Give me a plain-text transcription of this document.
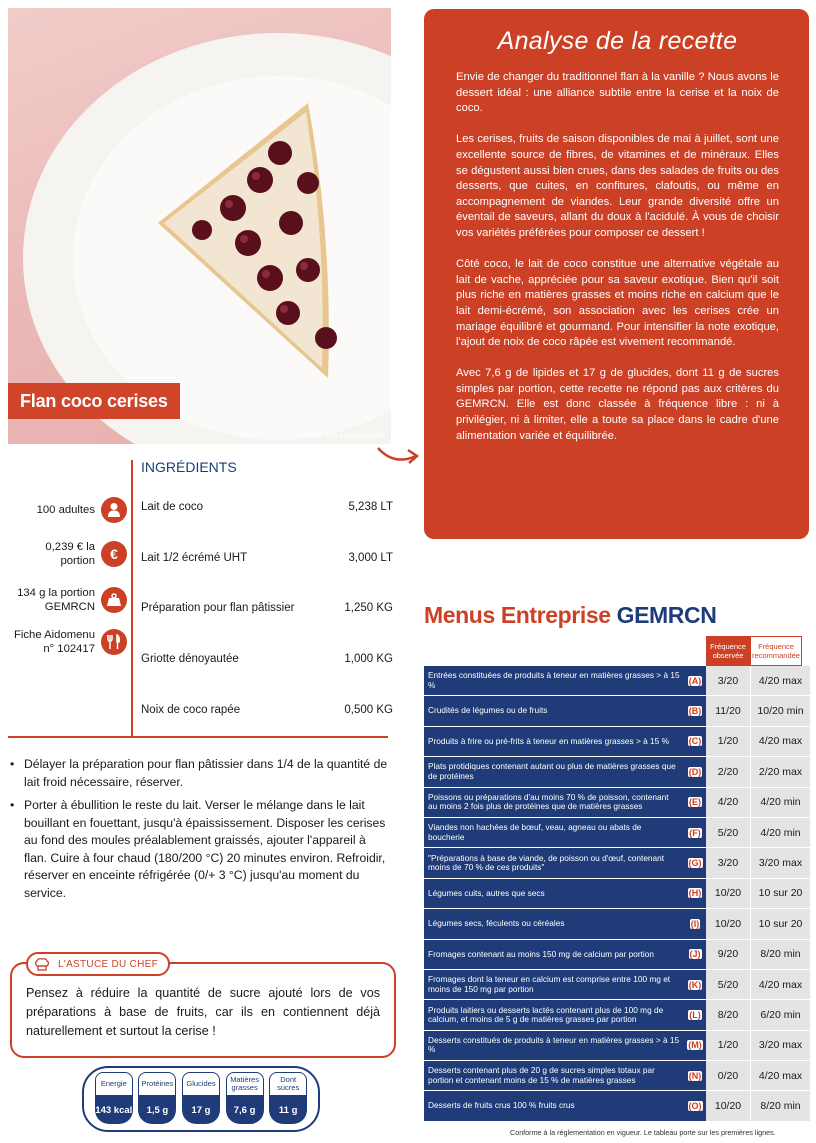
Photo non contractuelle
Flan coco cerises
Analyse de la recette

Envie de changer du traditionnel flan à la vanille ? Nous avons le dessert idéal : une alliance subtile entre la cerise et la noix de coco.

Les cerises, fruits de saison disponibles de mai à juillet, sont une excellente source de fibres, de vitamines et de minéraux. Elles se dégustent aussi bien crues, dans des salades de fruits ou des desserts, que cuites, en confitures, clafoutis, ou même en accompagnement de viandes. Leur grande diversité offre un éventail de saveurs, allant du doux à l'acidulé. À vous de choisir vos variétés préférées pour composer ce dessert !

Côté coco, le lait de coco constitue une alternative végétale au lait de vache, appréciée pour sa saveur exotique. Bien qu'il soit plus riche en matières grasses et moins riche en calcium que le lait demi-écrémé, son association avec les cerises crée un mariage équilibré et gourmand. Pour intensifier la note exotique, l'ajout de noix de coco râpée est vivement recommandé.

Avec 7,6 g de lipides et 17 g de glucides, dont 11 g de sucres simples par portion, cette recette ne répond pas aux critères du GEMRCN. Elle est donc classée à fréquence libre : ni à privilégier, ni à limiter, elle a toute sa place dans le cadre d'une alimentation variée et équilibrée.

INGRÉDIENTS
Lait de coco	5,238 LT
Lait 1/2 écrémé UHT	3,000 LT
Préparation pour flan pâtissier	1,250 KG
Griotte dénoyautée	1,000 KG
Noix de coco rapée	0,500 KG
100 adultes
0,239 € la
portion	€
134 g la portion
GEMRCN
Fiche Aidomenu
n° 102417
• Délayer la préparation pour flan pâtissier dans 1/4 de la quantité de lait froid nécessaire, réserver.
• Porter à ébullition le reste du lait. Verser le mélange dans le lait bouillant en fouettant, jusqu'à épaississement. Disposer les cerises au fond des moules préalablement graissés, ajouter l'appareil à flan. Cuire à four chaud (180/200 °C) 20 minutes environ. Refroidir, réserver en enceinte réfrigérée (0/+ 3 °C) jusqu'au moment du service.
L'ASTUCE DU CHEF

Pensez à réduire la quantité de sucre ajouté lors de vos préparations à base de fruits, car ils en contiennent déjà naturellement et surtout la cerise !

Energie
143 kcal
Protéines
1,5 g
Glucides
17 g
Matières grasses
7,6 g
Dont sucres
11 g
Menus Entreprise GEMRCN
Fréquence observée
Fréquence recommandée
Entrées constituées de produits à teneur en matières grasses > à 15 %	(A)	3/20	4/20 max
Crudités de légumes ou de fruits	(B)	11/20	10/20 min
Produits à frire ou pré-frits à teneur en matières grasses > à 15 %	(C)	1/20	4/20 max
Plats protidiques contenant autant ou plus de matières grasses que de protéines	(D)	2/20	2/20 max
Poissons ou préparations d'au moins 70 % de poisson, contenant au moins 2 fois plus de protéines que de matières grasses	(E)	4/20	4/20 min
Viandes non hachées de bœuf, veau, agneau ou abats de boucherie	(F)	5/20	4/20 min
"Préparations à base de viande, de poisson ou d'œuf, contenant moins de 70 % de ces produits"	(G)	3/20	3/20 max
Légumes cuits, autres que secs	(H)	10/20	10 sur 20
Légumes secs, féculents ou céréales	(I)	10/20	10 sur 20
Fromages contenant au moins 150 mg de calcium par portion	(J)	9/20	8/20 min
Fromages dont la teneur en calcium est comprise entre 100 mg et moins de 150 mg par portion	(K)	5/20	4/20 max
Produits laitiers ou desserts lactés contenant plus de 100 mg de calcium, et moins de 5 g de matières grasses par portion	(L)	8/20	6/20 min
Desserts constitués de produits à teneur en matières grasses > à 15 %	(M)	1/20	3/20 max
Desserts contenant plus de 20 g de sucres simples totaux par portion et contenant moins de 15 % de matières grasses	(N)	0/20	4/20 max
Desserts de fruits crus 100 % fruits crus	(O)	10/20	8/20 min
Conforme à la réglementation en vigueur. Le tableau porte sur les premières lignes.
